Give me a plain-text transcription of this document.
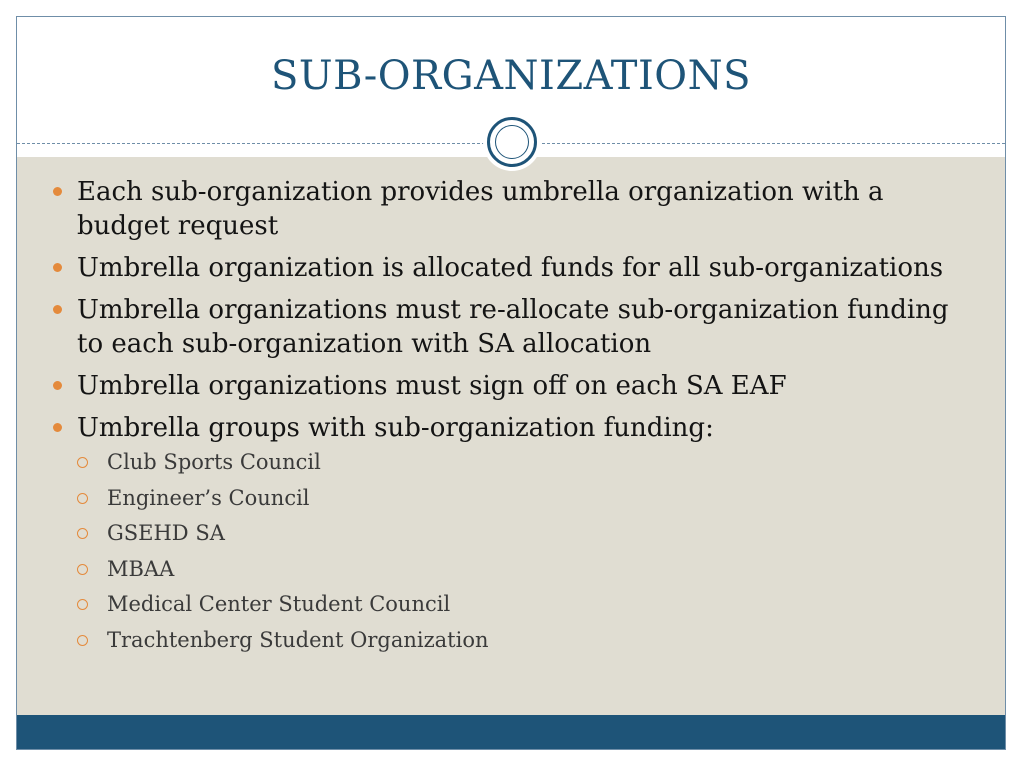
SUB-ORGANIZATIONS
Each sub-organization provides umbrella organization with a budget request
Umbrella organization is allocated funds for all sub-organizations
Umbrella organizations must re-allocate sub-organization funding to each sub-organization with SA allocation
Umbrella organizations must sign off on each SA EAF
Umbrella groups with sub-organization funding:
Club Sports Council
Engineer’s Council
GSEHD SA
MBAA
Medical Center Student Council
Trachtenberg Student Organization
